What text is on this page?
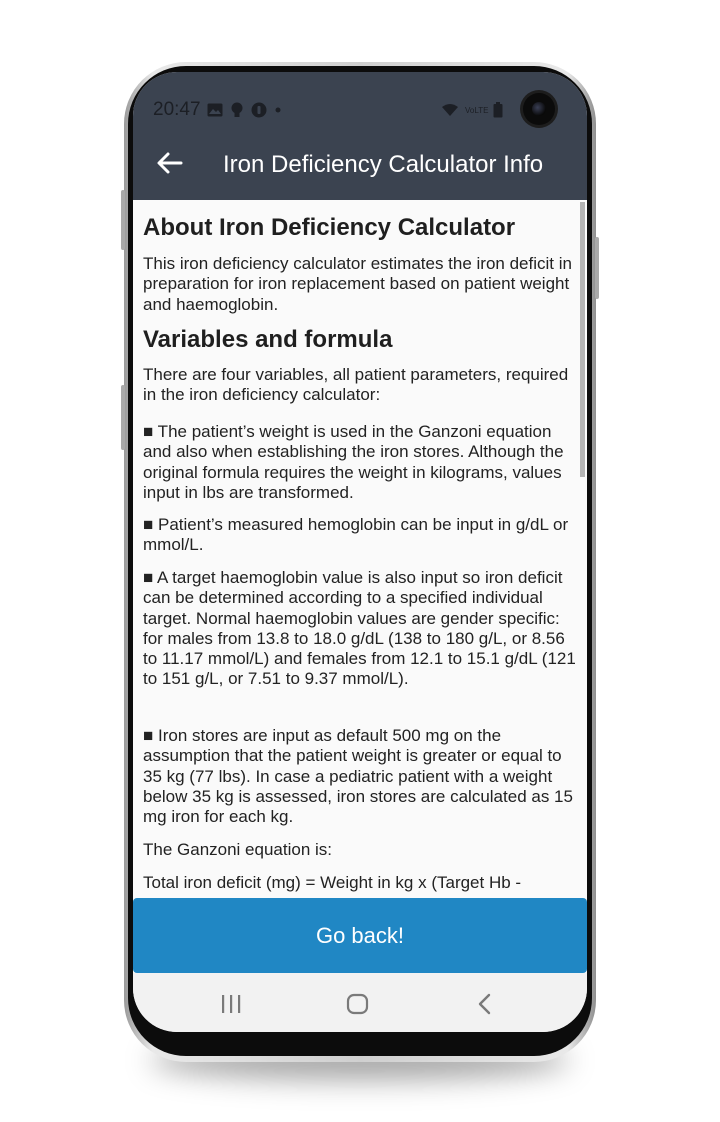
20:47	VoLTE
Iron Deficiency Calculator Info
About Iron Deficiency Calculator
This iron deficiency calculator estimates the iron deficit in preparation for iron replacement based on patient weight and haemoglobin.
Variables and formula
There are four variables, all patient parameters, required in the iron deficiency calculator:
■ The patient’s weight is used in the Ganzoni equation and also when establishing the iron stores. Although the original formula requires the weight in kilograms, values input in lbs are transformed.
■ Patient’s measured hemoglobin can be input in g/dL or mmol/L.
■ A target haemoglobin value is also input so iron deficit can be determined according to a specified individual target. Normal haemoglobin values are gender specific: for males from 13.8 to 18.0 g/dL (138 to 180 g/L, or 8.56 to 11.17 mmol/L) and females from 12.1 to 15.1 g/dL (121 to 151 g/L, or 7.51 to 9.37 mmol/L).
■ Iron stores are input as default 500 mg on the assumption that the patient weight is greater or equal to 35 kg (77 lbs). In case a pediatric patient with a weight below 35 kg is assessed, iron stores are calculated as 15 mg iron for each kg.
The Ganzoni equation is:
Total iron deficit (mg) = Weight in kg x (Target Hb -
Go back!
